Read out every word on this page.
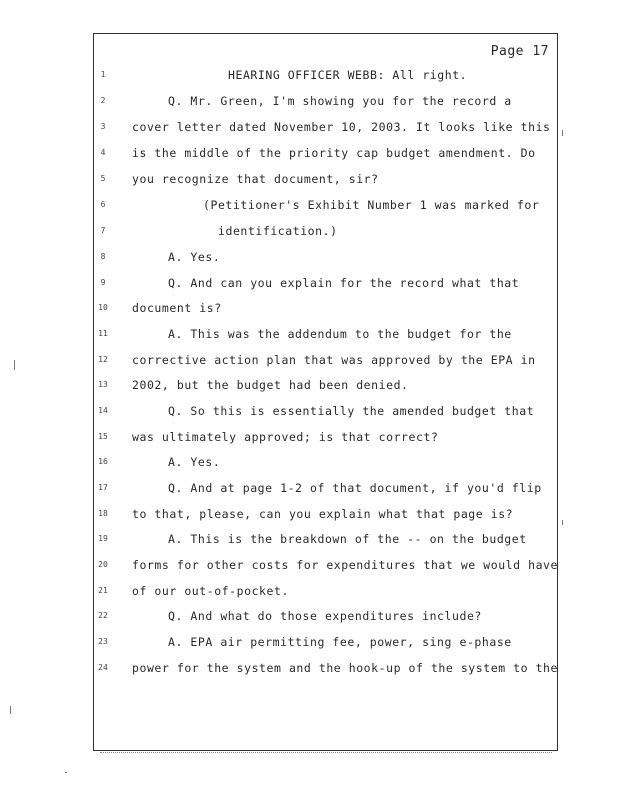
Page 17
1	HEARING OFFICER WEBB: All right.
2	Q. Mr. Green, I'm showing you for the record a
3	cover letter dated November 10, 2003. It looks like this
4	is the middle of the priority cap budget amendment. Do
5	you recognize that document, sir?
6	(Petitioner's Exhibit Number 1 was marked for
7	identification.)
8	A. Yes.
9	Q. And can you explain for the record what that
10	document is?
11	A. This was the addendum to the budget for the
12	corrective action plan that was approved by the EPA in
13	2002, but the budget had been denied.
14	Q. So this is essentially the amended budget that
15	was ultimately approved; is that correct?
16	A. Yes.
17	Q. And at page 1-2 of that document, if you'd flip
18	to that, please, can you explain what that page is?
19	A. This is the breakdown of the -- on the budget
20	forms for other costs for expenditures that we would have
21	of our out-of-pocket.
22	Q. And what do those expenditures include?
23	A. EPA air permitting fee, power, sing e-phase
24	power for the system and the hook-up of the system to the
